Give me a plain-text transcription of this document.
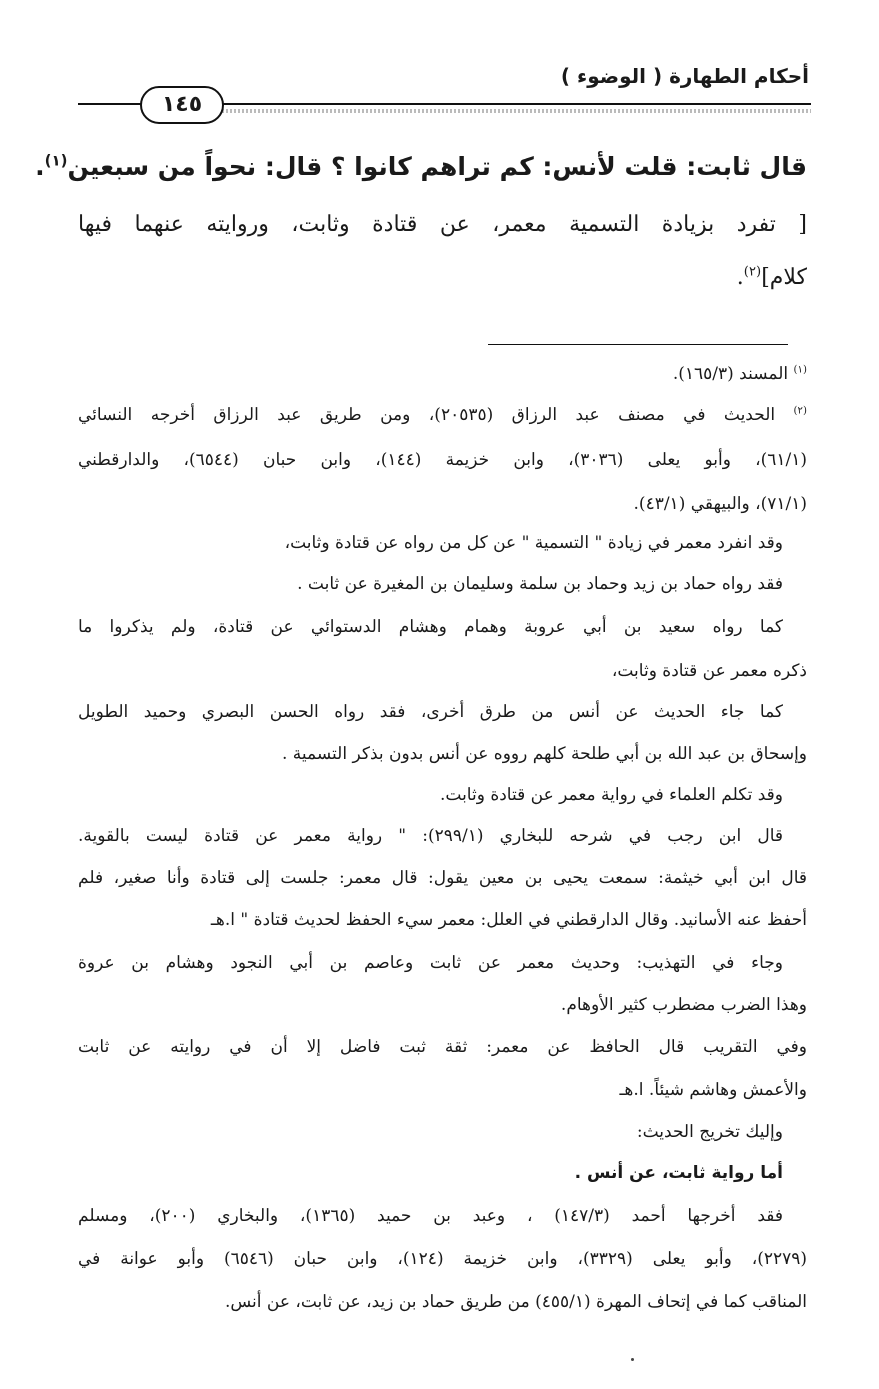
أحكام الطهارة ( الوضوء )
١٤٥
قال ثابت: قلت لأنس: كم تراهم كانوا ؟ قال: نحواً من سبعين$^{(١)}$.
[ تفرد بزيادة التسمية معمر، عن قتادة وثابت، وروايته عنهما فيها
كلام]$^{(٢)}$.
$^{(١)}$ المسند (١٦٥/٣).
$^{(٢)}$ الحديث في مصنف عبد الرزاق (٢٠٥٣٥)، ومن طريق عبد الرزاق أخرجه النسائي
(٦١/١)، وأبو يعلى (٣٠٣٦)، وابن خزيمة (١٤٤)، وابن حبان (٦٥٤٤)، والدارقطني
(٧١/١)، والبيهقي (٤٣/١).
وقد انفرد معمر في زيادة " التسمية " عن كل من رواه عن قتادة وثابت،
فقد رواه حماد بن زيد وحماد بن سلمة وسليمان بن المغيرة عن ثابت .
كما رواه سعيد بن أبي عروبة وهمام وهشام الدستوائي عن قتادة، ولم يذكروا ما
ذكره معمر عن قتادة وثابت،
كما جاء الحديث عن أنس من طرق أخرى، فقد رواه الحسن البصري وحميد الطويل
وإسحاق بن عبد الله بن أبي طلحة كلهم رووه عن أنس بدون بذكر التسمية .
وقد تكلم العلماء في رواية معمر عن قتادة وثابت.
قال ابن رجب في شرحه للبخاري (٢٩٩/١): " رواية معمر عن قتادة ليست بالقوية.
قال ابن أبي خيثمة: سمعت يحيى بن معين يقول: قال معمر: جلست إلى قتادة وأنا صغير، فلم
أحفظ عنه الأسانيد. وقال الدارقطني في العلل: معمر سيء الحفظ لحديث قتادة " ا.هـ
وجاء في التهذيب: وحديث معمر عن ثابت وعاصم بن أبي النجود وهشام بن عروة
وهذا الضرب مضطرب كثير الأوهام.
وفي التقريب قال الحافظ عن معمر: ثقة ثبت فاضل إلا أن في روايته عن ثابت
والأعمش وهاشم شيئاً. ا.هـ
وإليك تخريج الحديث:
أما رواية ثابت، عن أنس .
فقد أخرجها أحمد (١٤٧/٣) ، وعبد بن حميد (١٣٦٥)، والبخاري (٢٠٠)، ومسلم
(٢٢٧٩)، وأبو يعلى (٣٣٢٩)، وابن خزيمة (١٢٤)، وابن حبان (٦٥٤٦) وأبو عوانة في
المناقب كما في إتحاف المهرة (٤٥٥/١) من طريق حماد بن زيد، عن ثابت، عن أنس.
